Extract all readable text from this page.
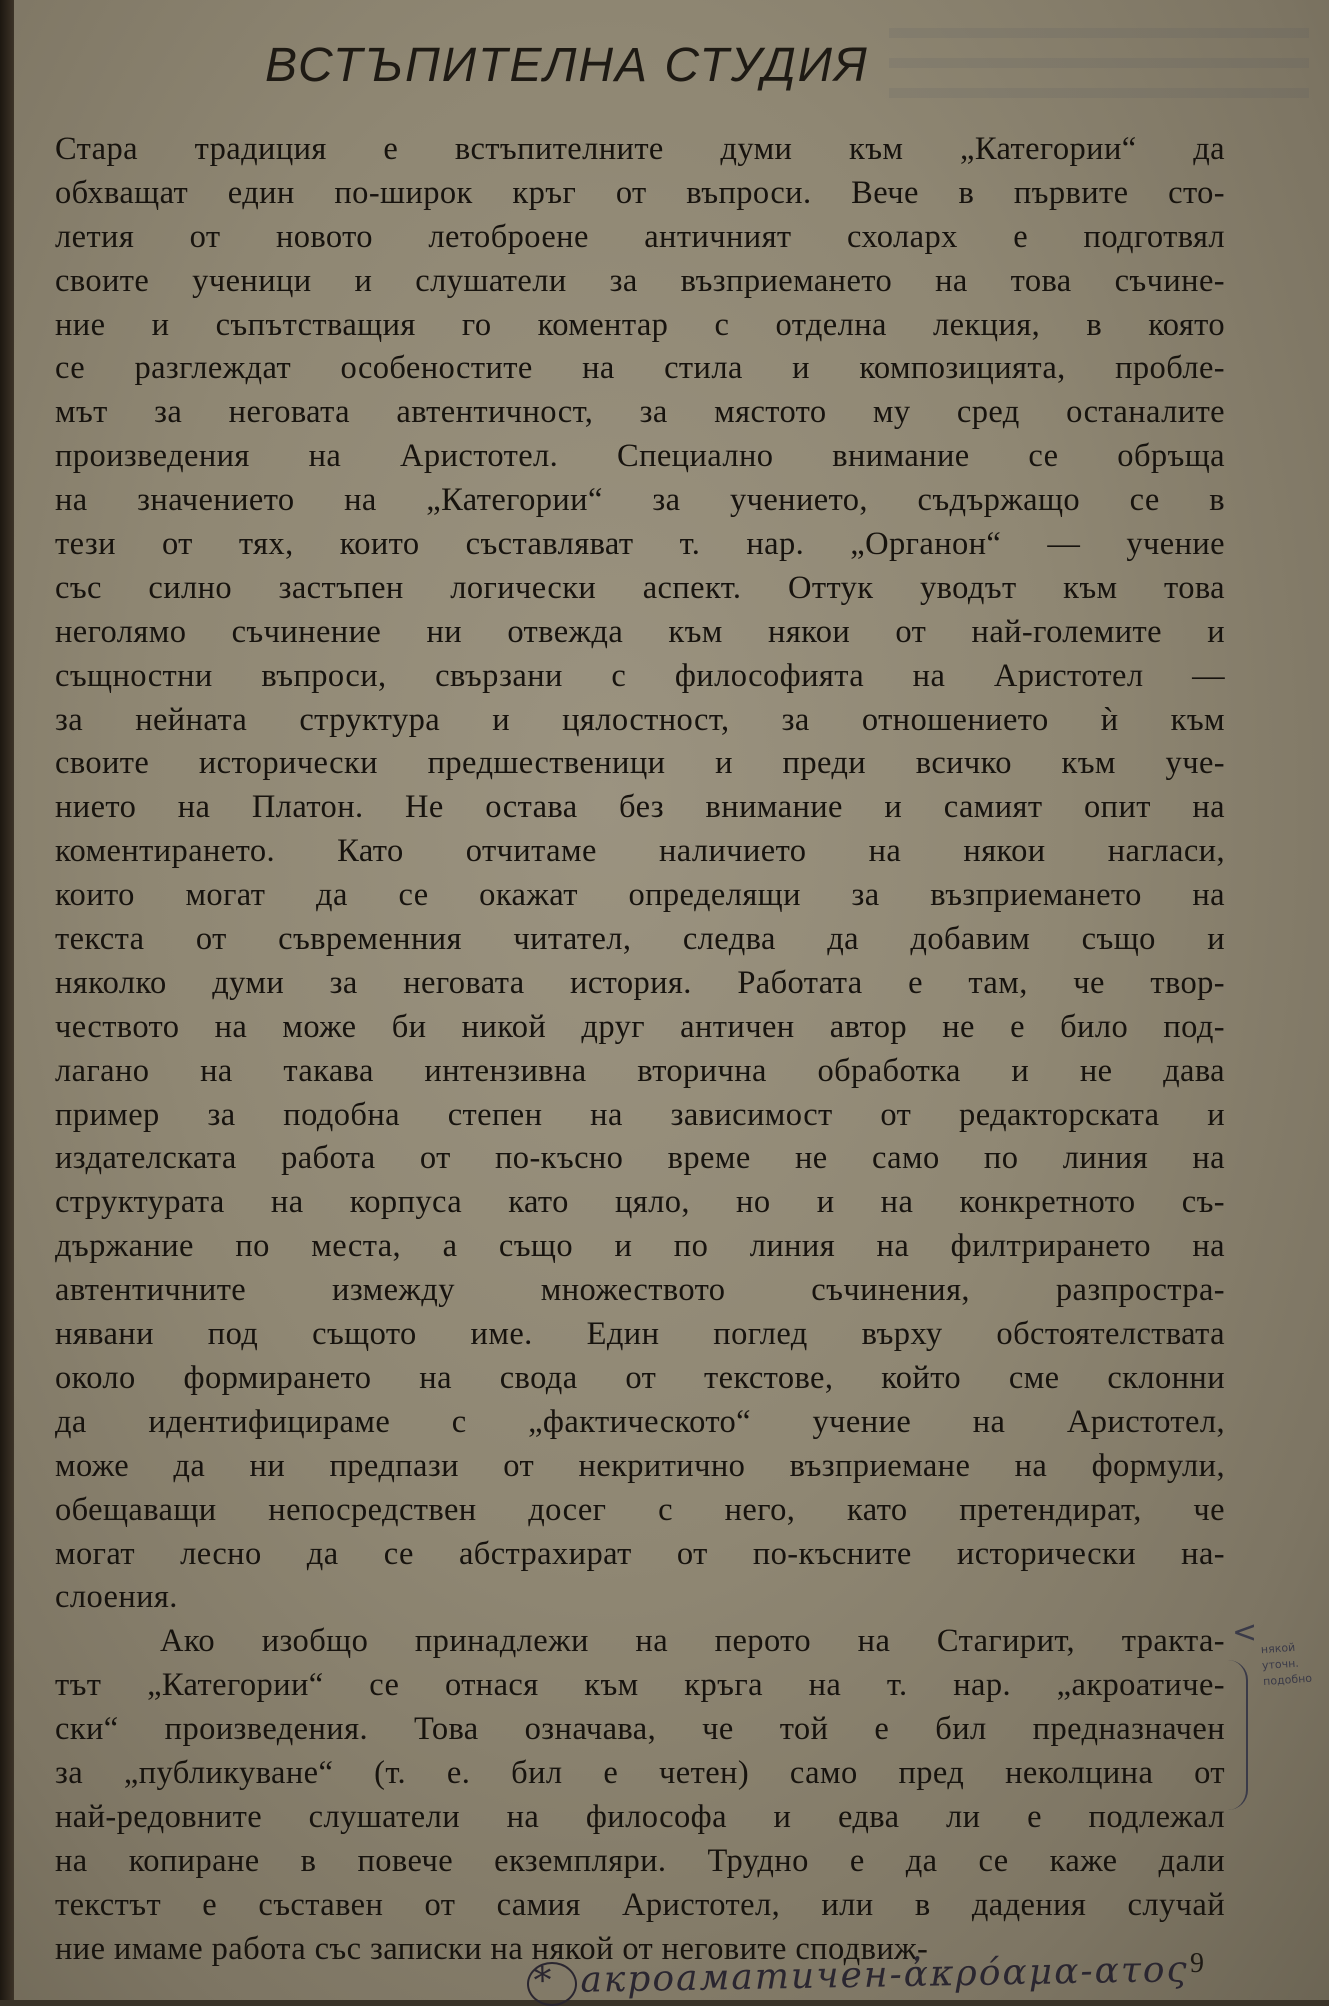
ВСТЪПИТЕЛНА СТУДИЯ
Стара традиция е встъпителните думи към „Категории“ да
обхващат един по-широк кръг от въпроси. Вече в първите сто-
летия от новото летоброене античният схоларх е подготвял
своите ученици и слушатели за възприемането на това съчине-
ние и съпътстващия го коментар с отделна лекция, в която
се разглеждат особеностите на стила и композицията, пробле-
мът за неговата автентичност, за мястото му сред останалите
произведения на Аристотел. Специално внимание се обръща
на значението на „Категории“ за учението, съдържащо се в
тези от тях, които съставляват т. нар. „Органон“ — учение
със силно застъпен логически аспект. Оттук уводът към това
неголямо съчинение ни отвежда към някои от най-големите и
същностни въпроси, свързани с философията на Аристотел —
за нейната структура и цялостност, за отношението ѝ към
своите исторически предшественици и преди всичко към уче-
нието на Платон. Не остава без внимание и самият опит на
коментирането. Като отчитаме наличието на някои нагласи,
които могат да се окажат определящи за възприемането на
текста от съвременния читател, следва да добавим също и
няколко думи за неговата история. Работата е там, че твор-
чеството на може би никой друг античен автор не е било под-
лагано на такава интензивна вторична обработка и не дава
пример за подобна степен на зависимост от редакторската и
издателската работа от по-късно време не само по линия на
структурата на корпуса като цяло, но и на конкретното съ-
държание по места, а също и по линия на филтрирането на
автентичните измежду множеството съчинения, разпростра-
нявани под същото име. Един поглед върху обстоятелствата
около формирането на свода от текстове, който сме склонни
да идентифицираме с „фактическото“ учение на Аристотел,
може да ни предпази от некритично възприемане на формули,
обещаващи непосредствен досег с него, като претендират, че
могат лесно да се абстрахират от по-късните исторически на-
слоения.
Ако изобщо принадлежи на перото на Стагирит, тракта-
тът „Категории“ се отнася към кръга на т. нар. „акроатиче-
ски“ произведения. Това означава, че той е бил предназначен
за „публикуване“ (т. е. бил е четен) само пред неколцина от
най-редовните слушатели на философа и едва ли е подлежал
на копиране в повече екземпляри. Трудно е да се каже дали
текстът е съставен от самия Аристотел, или в дадения случай
ние имаме работа със записки на някой от неговите сподвиж-
< някой уточн. подобно
*  акроаматичен-ἀκρόαμα-ατος 9
